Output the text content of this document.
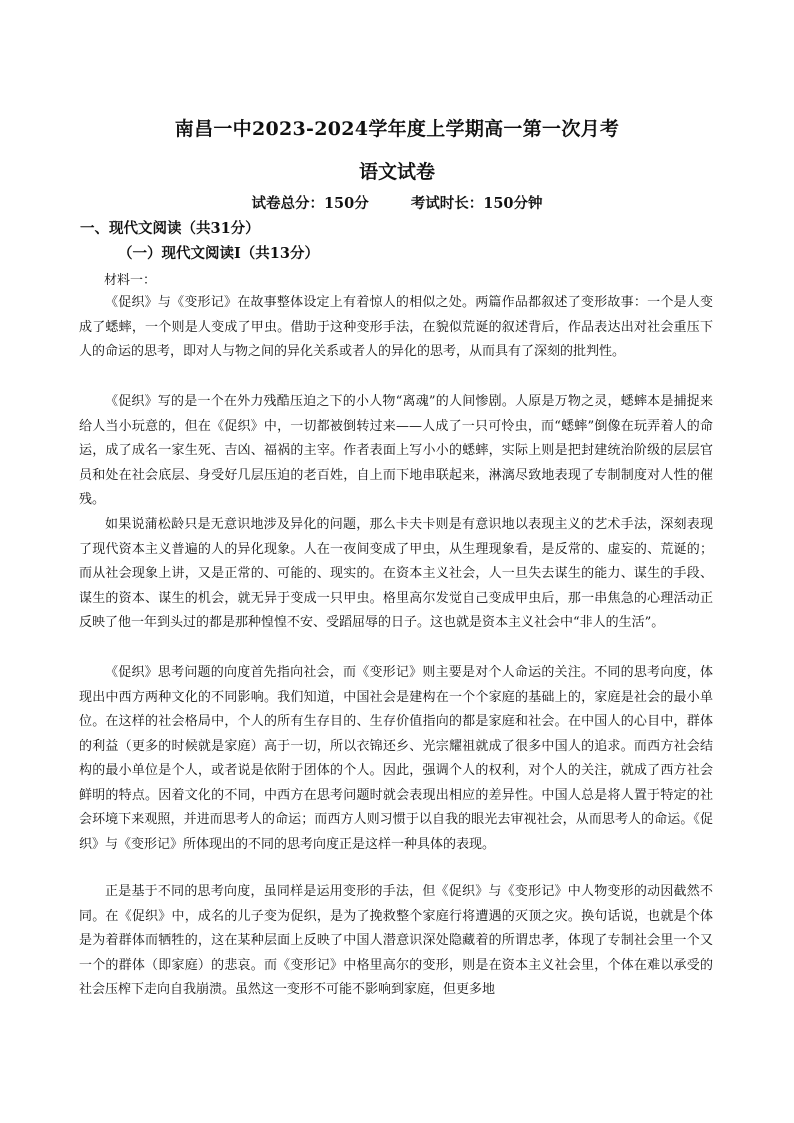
南昌一中2023-2024学年度上学期高一第一次月考
语文试卷
试卷总分：150分	考试时长：150分钟
一、现代文阅读（共31分）
（一）现代文阅读Ⅰ（共13分）
材料一：

《促织》与《变形记》在故事整体设定上有着惊人的相似之处。两篇作品都叙述了变形故事：一个是人变成了蟋蟀，一个则是人变成了甲虫。借助于这种变形手法，在貌似荒诞的叙述背后，作品表达出对社会重压下人的命运的思考，即对人与物之间的异化关系或者人的异化的思考，从而具有了深刻的批判性。

《促织》写的是一个在外力残酷压迫之下的小人物“离魂”的人间惨剧。人原是万物之灵，蟋蟀本是捕捉来给人当小玩意的，但在《促织》中，一切都被倒转过来——人成了一只可怜虫，而“蟋蟀”倒像在玩弄着人的命运，成了成名一家生死、吉凶、福祸的主宰。作者表面上写小小的蟋蟀，实际上则是把封建统治阶级的层层官员和处在社会底层、身受好几层压迫的老百姓，自上而下地串联起来，淋漓尽致地表现了专制制度对人性的催残。

如果说蒲松龄只是无意识地涉及异化的问题，那么卡夫卡则是有意识地以表现主义的艺术手法，深刻表现了现代资本主义普遍的人的异化现象。人在一夜间变成了甲虫，从生理现象看，是反常的、虚妄的、荒诞的；而从社会现象上讲，又是正常的、可能的、现实的。在资本主义社会，人一旦失去谋生的能力、谋生的手段、谋生的资本、谋生的机会，就无异于变成一只甲虫。格里高尔发觉自己变成甲虫后，那一串焦急的心理活动正反映了他一年到头过的都是那种惶惶不安、受蹈屈辱的日子。这也就是资本主义社会中“非人的生活”。

《促织》思考问题的向度首先指向社会，而《变形记》则主要是对个人命运的关注。不同的思考向度，体现出中西方两种文化的不同影响。我们知道，中国社会是建构在一个个家庭的基础上的，家庭是社会的最小单位。在这样的社会格局中，个人的所有生存目的、生存价值指向的都是家庭和社会。在中国人的心目中，群体的利益（更多的时候就是家庭）高于一切，所以衣锦还乡、光宗耀祖就成了很多中国人的追求。而西方社会结构的最小单位是个人，或者说是依附于团体的个人。因此，强调个人的权利，对个人的关注，就成了西方社会鲜明的特点。因着文化的不同，中西方在思考问题时就会表现出相应的差异性。中国人总是将人置于特定的社会环境下来观照，并进而思考人的命运；而西方人则习惯于以自我的眼光去审视社会，从而思考人的命运。《促织》与《变形记》所体现出的不同的思考向度正是这样一种具体的表现。

正是基于不同的思考向度，虽同样是运用变形的手法，但《促织》与《变形记》中人物变形的动因截然不同。在《促织》中，成名的儿子变为促织，是为了挽救整个家庭行将遭遇的灭顶之灾。换句话说，也就是个体是为着群体而牺牲的，这在某种层面上反映了中国人潜意识深处隐藏着的所谓忠孝，体现了专制社会里一个又一个的群体（即家庭）的悲哀。而《变形记》中格里高尔的变形，则是在资本主义社会里，个体在难以承受的社会压榨下走向自我崩溃。虽然这一变形不可能不影响到家庭，但更多地
